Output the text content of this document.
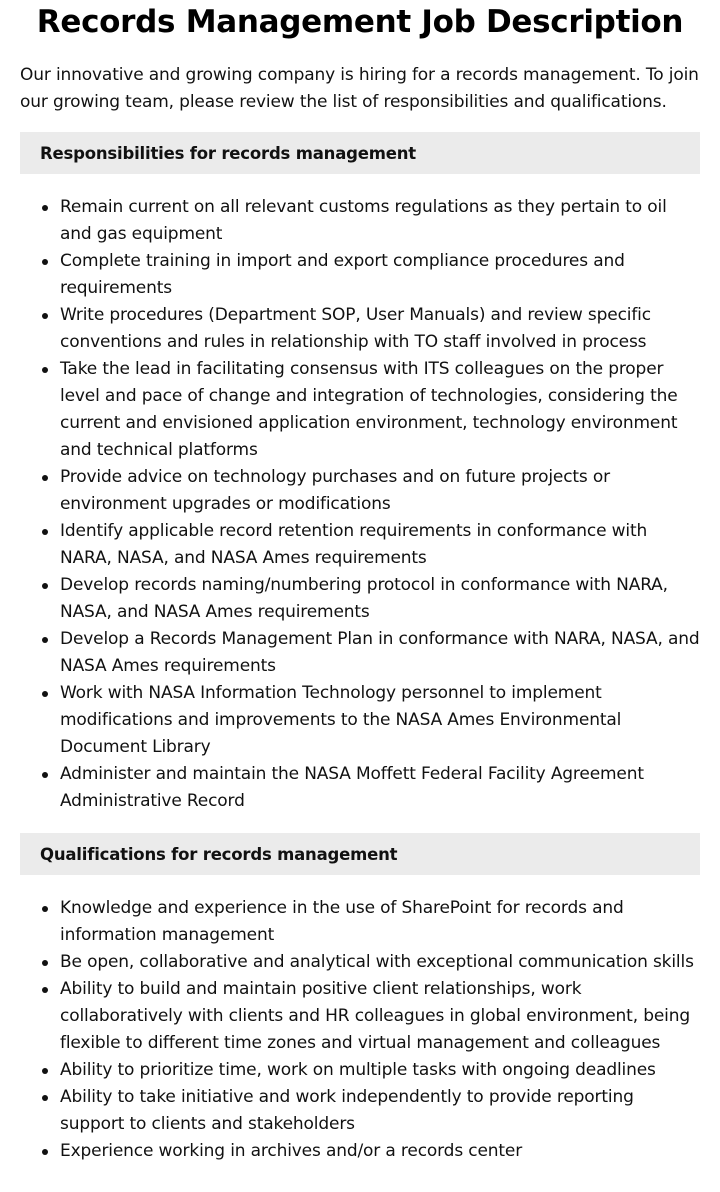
Records Management Job Description

Our innovative and growing company is hiring for a records management. To join our growing team, please review the list of responsibilities and qualifications.

Responsibilities for records management
Remain current on all relevant customs regulations as they pertain to oil and gas equipment
Complete training in import and export compliance procedures and requirements
Write procedures (Department SOP, User Manuals) and review specific conventions and rules in relationship with TO staff involved in process
Take the lead in facilitating consensus with ITS colleagues on the proper level and pace of change and integration of technologies, considering the current and envisioned application environment, technology environment and technical platforms
Provide advice on technology purchases and on future projects or environment upgrades or modifications
Identify applicable record retention requirements in conformance with NARA, NASA, and NASA Ames requirements
Develop records naming/numbering protocol in conformance with NARA, NASA, and NASA Ames requirements
Develop a Records Management Plan in conformance with NARA, NASA, and NASA Ames requirements
Work with NASA Information Technology personnel to implement modifications and improvements to the NASA Ames Environmental Document Library
Administer and maintain the NASA Moffett Federal Facility Agreement Administrative Record
Qualifications for records management
Knowledge and experience in the use of SharePoint for records and information management
Be open, collaborative and analytical with exceptional communication skills
Ability to build and maintain positive client relationships, work collaboratively with clients and HR colleagues in global environment, being flexible to different time zones and virtual management and colleagues
Ability to prioritize time, work on multiple tasks with ongoing deadlines
Ability to take initiative and work independently to provide reporting support to clients and stakeholders
Experience working in archives and/or a records center
